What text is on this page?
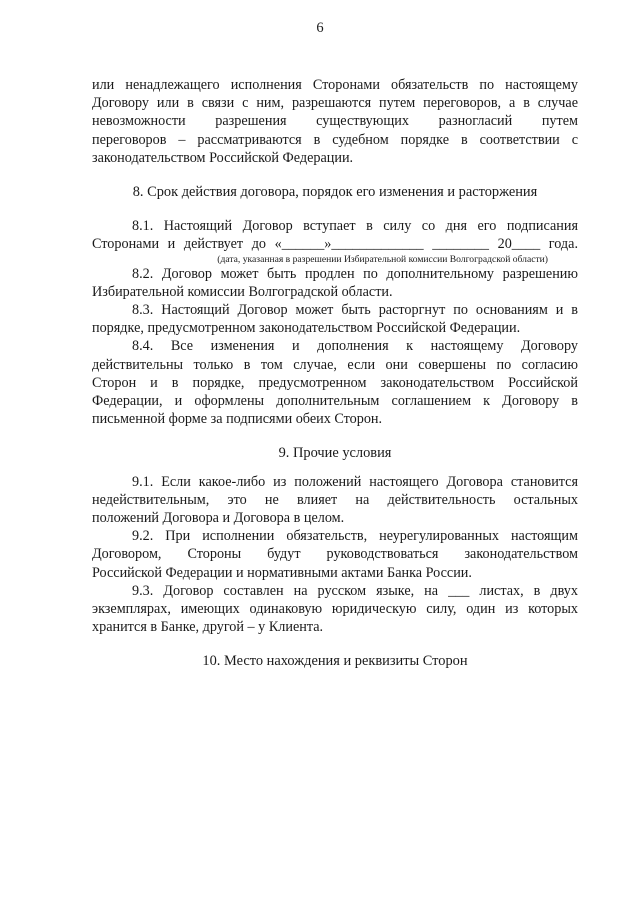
6
или ненадлежащего исполнения Сторонами обязательств по настоящему
Договору или в связи с ним, разрешаются путем переговоров, а в случае
невозможности разрешения существующих разногласий путем
переговоров – рассматриваются в судебном порядке в соответствии с
законодательством Российской Федерации.
8. Срок действия договора, порядок его изменения и расторжения
8.1. Настоящий Договор вступает в силу со дня его подписания
Сторонами и действует до «______»_____________ ________ 20____ года.
(дата, указанная в разрешении Избирательной комиссии Волгоградской области)
8.2. Договор может быть продлен по дополнительному разрешению
Избирательной комиссии Волгоградской области.
8.3. Настоящий Договор может быть расторгнут по основаниям и в
порядке, предусмотренном законодательством Российской Федерации.
8.4. Все изменения и дополнения к настоящему Договору
действительны только в том случае, если они совершены по согласию
Сторон и в порядке, предусмотренном законодательством Российской
Федерации, и оформлены дополнительным соглашением к Договору в
письменной форме за подписями обеих Сторон.
9. Прочие условия
9.1. Если какое-либо из положений настоящего Договора становится
недействительным, это не влияет на действительность остальных
положений Договора и Договора в целом.
9.2. При исполнении обязательств, неурегулированных настоящим
Договором, Стороны будут руководствоваться законодательством
Российской Федерации и нормативными актами Банка России.
9.3. Договор составлен на русском языке, на ___ листах, в двух
экземплярах, имеющих одинаковую юридическую силу, один из которых
хранится в Банке, другой – у Клиента.
10. Место нахождения и реквизиты Сторон
